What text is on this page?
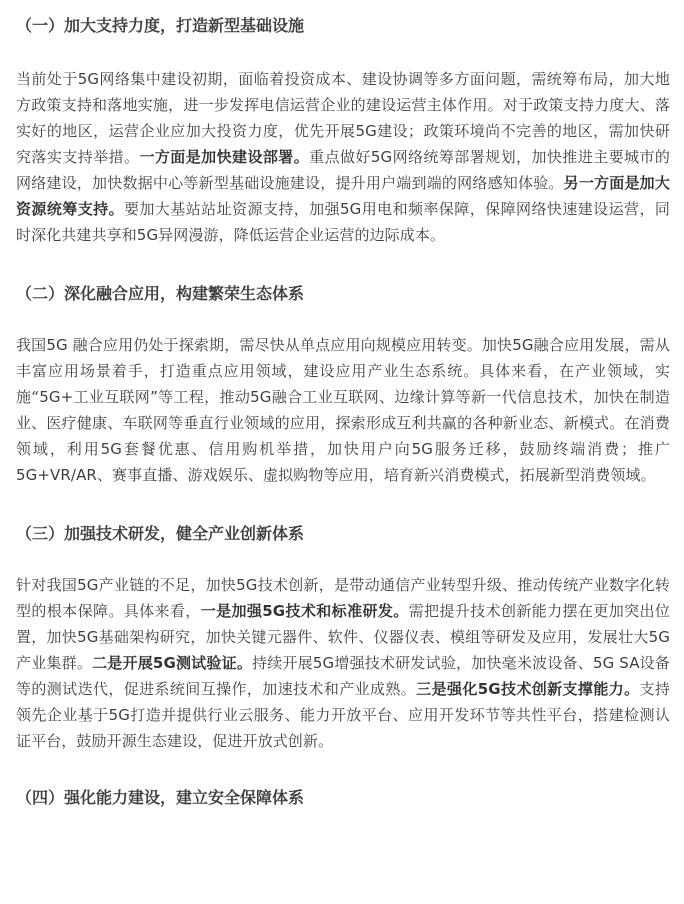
（一）加大支持力度，打造新型基础设施

当前处于5G网络集中建设初期，面临着投资成本、建设协调等多方面问题，需统筹布局，加大地方政策支持和落地实施，进一步发挥电信运营企业的建设运营主体作用。对于政策支持力度大、落实好的地区，运营企业应加大投资力度，优先开展5G建设；政策环境尚不完善的地区，需加快研究落实支持举措。一方面是加快建设部署。重点做好5G网络统筹部署规划，加快推进主要城市的网络建设，加快数据中心等新型基础设施建设，提升用户端到端的网络感知体验。另一方面是加大资源统筹支持。要加大基站站址资源支持，加强5G用电和频率保障，保障网络快速建设运营，同时深化共建共享和5G异网漫游，降低运营企业运营的边际成本。

（二）深化融合应用，构建繁荣生态体系

我国5G 融合应用仍处于探索期，需尽快从单点应用向规模应用转变。加快5G融合应用发展，需从丰富应用场景着手，打造重点应用领域，建设应用产业生态系统。具体来看，在产业领域，实施“5G+工业互联网”等工程，推动5G融合工业互联网、边缘计算等新一代信息技术，加快在制造业、医疗健康、车联网等垂直行业领域的应用，探索形成互利共赢的各种新业态、新模式。在消费领域，利用5G套餐优惠、信用购机举措，加快用户向5G服务迁移，鼓励终端消费；推广5G+VR/AR、赛事直播、游戏娱乐、虚拟购物等应用，培育新兴消费模式，拓展新型消费领域。

（三）加强技术研发，健全产业创新体系

针对我国5G产业链的不足，加快5G技术创新，是带动通信产业转型升级、推动传统产业数字化转型的根本保障。具体来看，一是加强5G技术和标准研发。需把提升技术创新能力摆在更加突出位置，加快5G基础架构研究，加快关键元器件、软件、仪器仪表、模组等研发及应用，发展壮大5G产业集群。二是开展5G测试验证。持续开展5G增强技术研发试验，加快毫米波设备、5G SA设备等的测试迭代，促进系统间互操作，加速技术和产业成熟。三是强化5G技术创新支撑能力。支持领先企业基于5G打造并提供行业云服务、能力开放平台、应用开发环节等共性平台，搭建检测认证平台，鼓励开源生态建设，促进开放式创新。

（四）强化能力建设，建立安全保障体系
